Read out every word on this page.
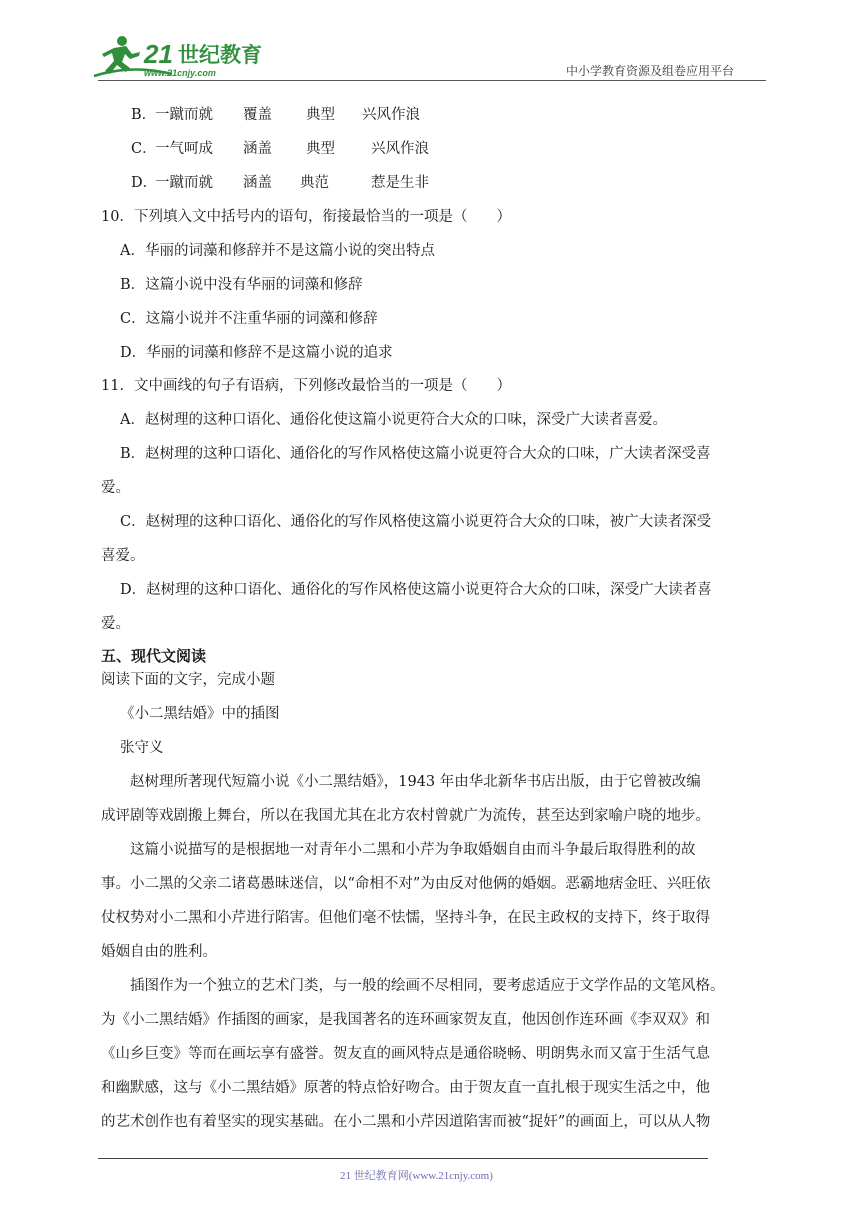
21 世纪教育
www.21cnjy.com	中小学教育资源及组卷应用平台
B．
一蹴而就 覆盖 典型 兴风作浪
C．
一气呵成 涵盖 典型 兴风作浪
D．
一蹴而就 涵盖 典范	惹是生非
10．下列填入文中括号内的语句，衔接最恰当的一项是（　　）
A．华丽的词藻和修辞并不是这篇小说的突出特点
B．这篇小说中没有华丽的词藻和修辞
C．这篇小说并不注重华丽的词藻和修辞
D．华丽的词藻和修辞不是这篇小说的追求
11．文中画线的句子有语病，下列修改最恰当的一项是（　　）
A．赵树理的这种口语化、通俗化使这篇小说更符合大众的口味，深受广大读者喜爱。
B．赵树理的这种口语化、通俗化的写作风格使这篇小说更符合大众的口味，广大读者深受喜
爱。
C．赵树理的这种口语化、通俗化的写作风格使这篇小说更符合大众的口味，被广大读者深受
喜爱。
D．赵树理的这种口语化、通俗化的写作风格使这篇小说更符合大众的口味，深受广大读者喜
爱。
五、现代文阅读
阅读下面的文字，完成小题
《小二黑结婚》中的插图
张守义
赵树理所著现代短篇小说《小二黑结婚》，1943 年由华北新华书店出版，由于它曾被改编
成评剧等戏剧搬上舞台，所以在我国尤其在北方农村曾就广为流传，甚至达到家喻户晓的地步。
这篇小说描写的是根据地一对青年小二黑和小芹为争取婚姻自由而斗争最后取得胜利的故
事。小二黑的父亲二诸葛愚昧迷信，以“命相不对”为由反对他俩的婚姻。恶霸地痞金旺、兴旺依
仗权势对小二黑和小芹进行陷害。但他们毫不怯懦，坚持斗争，在民主政权的支持下，终于取得
婚姻自由的胜利。
插图作为一个独立的艺术门类，与一般的绘画不尽相同，要考虑适应于文学作品的文笔风格。
为《小二黑结婚》作插图的画家，是我国著名的连环画家贺友直，他因创作连环画《李双双》和
《山乡巨变》等而在画坛享有盛誉。贺友直的画风特点是通俗晓畅、明朗隽永而又富于生活气息
和幽默感，这与《小二黑结婚》原著的特点恰好吻合。由于贺友直一直扎根于现实生活之中，他
的艺术创作也有着坚实的现实基础。在小二黑和小芹因道陷害而被“捉奸”的画面上，可以从人物
21 世纪教育网(www.21cnjy.com)
